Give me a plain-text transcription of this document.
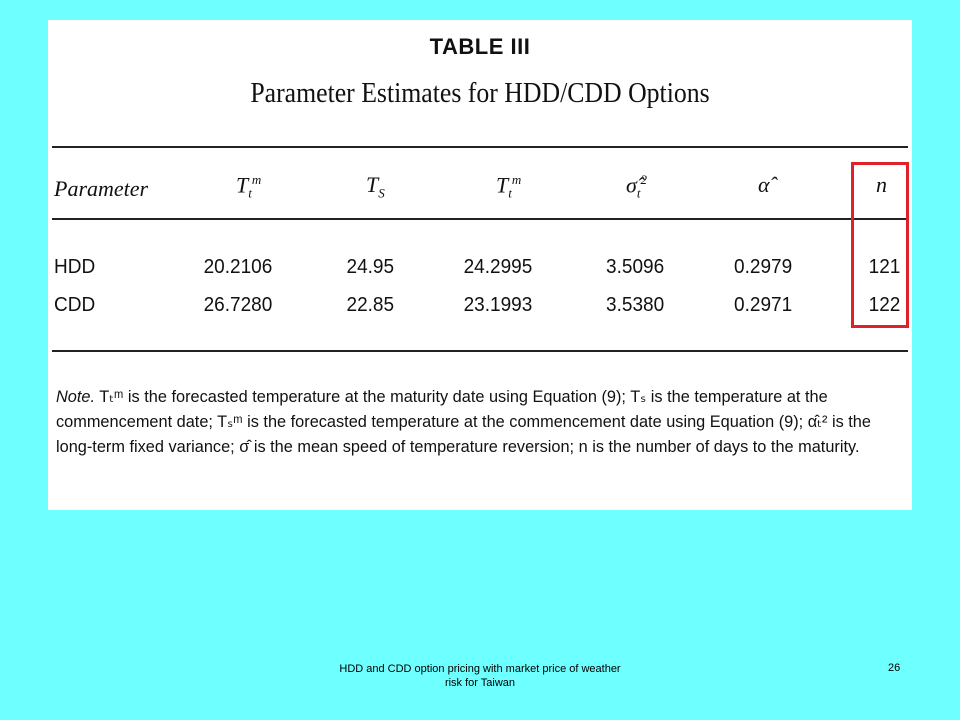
TABLE III
Parameter Estimates for HDD/CDD Options
Parameter	$T_t^m$	$T_S$	$T_t^m$	$\sigmâ_t^2$	α̂	n
HDD	20.2106	24.95	24.2995	3.5096	0.2979	121
CDD	26.7280	22.85	23.1993	3.5380	0.2971	122
Note. Tₜᵐ is the forecasted temperature at the maturity date using Equation (9); Tₛ is the temperature at the commencement date; Tₛᵐ is the forecasted temperature at the commencement date using Equation (9); α̂ₜ² is the long-term fixed variance; σ̂ is the mean speed of temperature reversion; n is the number of days to the maturity.
HDD and CDD option pricing with market price of weather risk for Taiwan
26
